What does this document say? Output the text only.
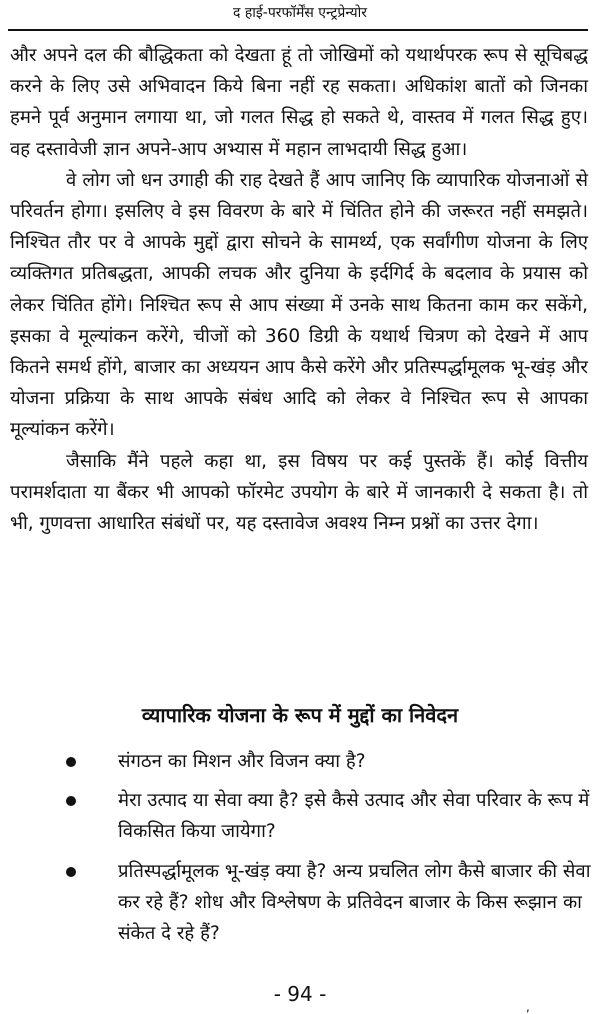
द हाई-परफॉर्मेंस एन्ट्रप्रेन्योर

और अपने दल की बौद्धिकता को देखता हूं तो जोखिमों को यथार्थपरक रूप से सूचिबद्ध करने के लिए उसे अभिवादन किये बिना नहीं रह सकता। अधिकांश बातों को जिनका हमने पूर्व अनुमान लगाया था, जो गलत सिद्ध हो सकते थे, वास्तव में गलत सिद्ध हुए। वह दस्तावेजी ज्ञान अपने-आप अभ्यास में महान लाभदायी सिद्ध हुआ।

वे लोग जो धन उगाही की राह देखते हैं आप जानिए कि व्यापारिक योजनाओं से परिवर्तन होगा। इसलिए वे इस विवरण के बारे में चिंतित होने की जरूरत नहीं समझते। निश्चित तौर पर वे आपके मुद्दों द्वारा सोचने के सामर्थ्य, एक सर्वांगीण योजना के लिए व्यक्तिगत प्रतिबद्धता, आपकी लचक और दुनिया के इर्दगिर्द के बदलाव के प्रयास को लेकर चिंतित होंगे। निश्चित रूप से आप संख्या में उनके साथ कितना काम कर सकेंगे, इसका वे मूल्यांकन करेंगे, चीजों को 360 डिग्री के यथार्थ चित्रण को देखने में आप कितने समर्थ होंगे, बाजार का अध्ययन आप कैसे करेंगे और प्रतिस्पर्द्धामूलक भू-खंड़ और योजना प्रक्रिया के साथ आपके संबंध आदि को लेकर वे निश्चित रूप से आपका मूल्यांकन करेंगे।

जैसाकि मैंने पहले कहा था, इस विषय पर कई पुस्तकें हैं। कोई वित्तीय परामर्शदाता या बैंकर भी आपको फॉरमेट उपयोग के बारे में जानकारी दे सकता है। तो भी, गुणवत्ता आधारित संबंधों पर, यह दस्तावेज अवश्य निम्न प्रश्नों का उत्तर देगा।

व्यापारिक योजना के रूप में मुद्दों का निवेदन
संगठन का मिशन और विजन क्या है?
मेरा उत्पाद या सेवा क्या है? इसे कैसे उत्पाद और सेवा परिवार के रूप में विकसित किया जायेगा?
प्रतिस्पर्द्धामूलक भू-खंड़ क्या है? अन्य प्रचलित लोग कैसे बाजार की सेवा कर रहे हैं? शोध और विश्लेषण के प्रतिवेदन बाजार के किस रूझान का संकेत दे रहे हैं?
- 94 -
,
